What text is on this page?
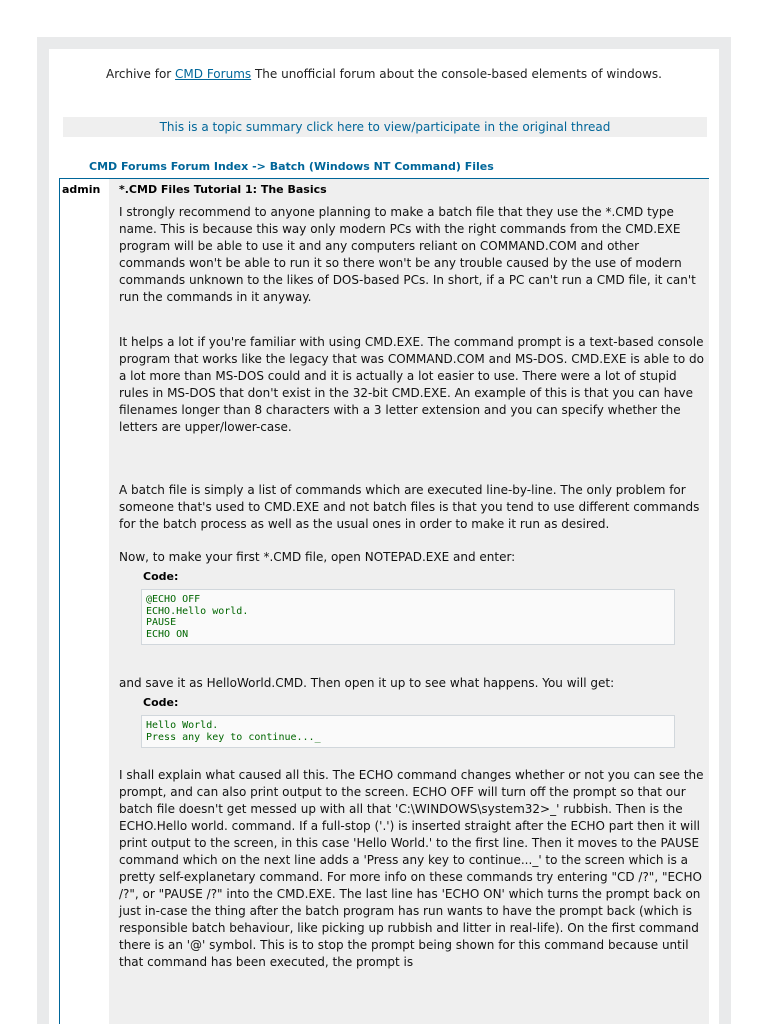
Archive for CMD Forums The unofficial forum about the console-based elements of windows.
This is a topic summary click here to view/participate in the original thread
CMD Forums Forum Index -> Batch (Windows NT Command) Files
admin *.CMD Files Tutorial 1: The Basics

I strongly recommend to anyone planning to make a batch file that they use the *.CMD type name. This is because this way only modern PCs with the right commands from the CMD.EXE program will be able to use it and any computers reliant on COMMAND.COM and other commands won't be able to run it so there won't be any trouble caused by the use of modern commands unknown to the likes of DOS-based PCs. In short, if a PC can't run a CMD file, it can't run the commands in it anyway.

It helps a lot if you're familiar with using CMD.EXE. The command prompt is a text-based console program that works like the legacy that was COMMAND.COM and MS-DOS. CMD.EXE is able to do a lot more than MS-DOS could and it is actually a lot easier to use. There were a lot of stupid rules in MS-DOS that don't exist in the 32-bit CMD.EXE. An example of this is that you can have filenames longer than 8 characters with a 3 letter extension and you can specify whether the letters are upper/lower-case.

A batch file is simply a list of commands which are executed line-by-line. The only problem for someone that's used to CMD.EXE and not batch files is that you tend to use different commands for the batch process as well as the usual ones in order to make it run as desired.

Now, to make your first *.CMD file, open NOTEPAD.EXE and enter:

Code:
@ECHO OFF
ECHO.Hello world.
PAUSE
ECHO ON

and save it as HelloWorld.CMD. Then open it up to see what happens. You will get:

Code:
Hello World.
Press any key to continue..._

I shall explain what caused all this. The ECHO command changes whether or not you can see the prompt, and can also print output to the screen. ECHO OFF will turn off the prompt so that our batch file doesn't get messed up with all that 'C:\WINDOWS\system32>_' rubbish. Then is the ECHO.Hello world. command. If a full-stop ('.') is inserted straight after the ECHO part then it will print output to the screen, in this case 'Hello World.' to the first line. Then it moves to the PAUSE command which on the next line adds a 'Press any key to continue..._' to the screen which is a pretty self-explanetary command. For more info on these commands try entering "CD /?", "ECHO /?", or "PAUSE /?" into the CMD.EXE. The last line has 'ECHO ON' which turns the prompt back on just in-case the thing after the batch program has run wants to have the prompt back (which is responsible batch behaviour, like picking up rubbish and litter in real-life). On the first command there is an '@' symbol. This is to stop the prompt being shown for this command because until that command has been executed, the prompt is
